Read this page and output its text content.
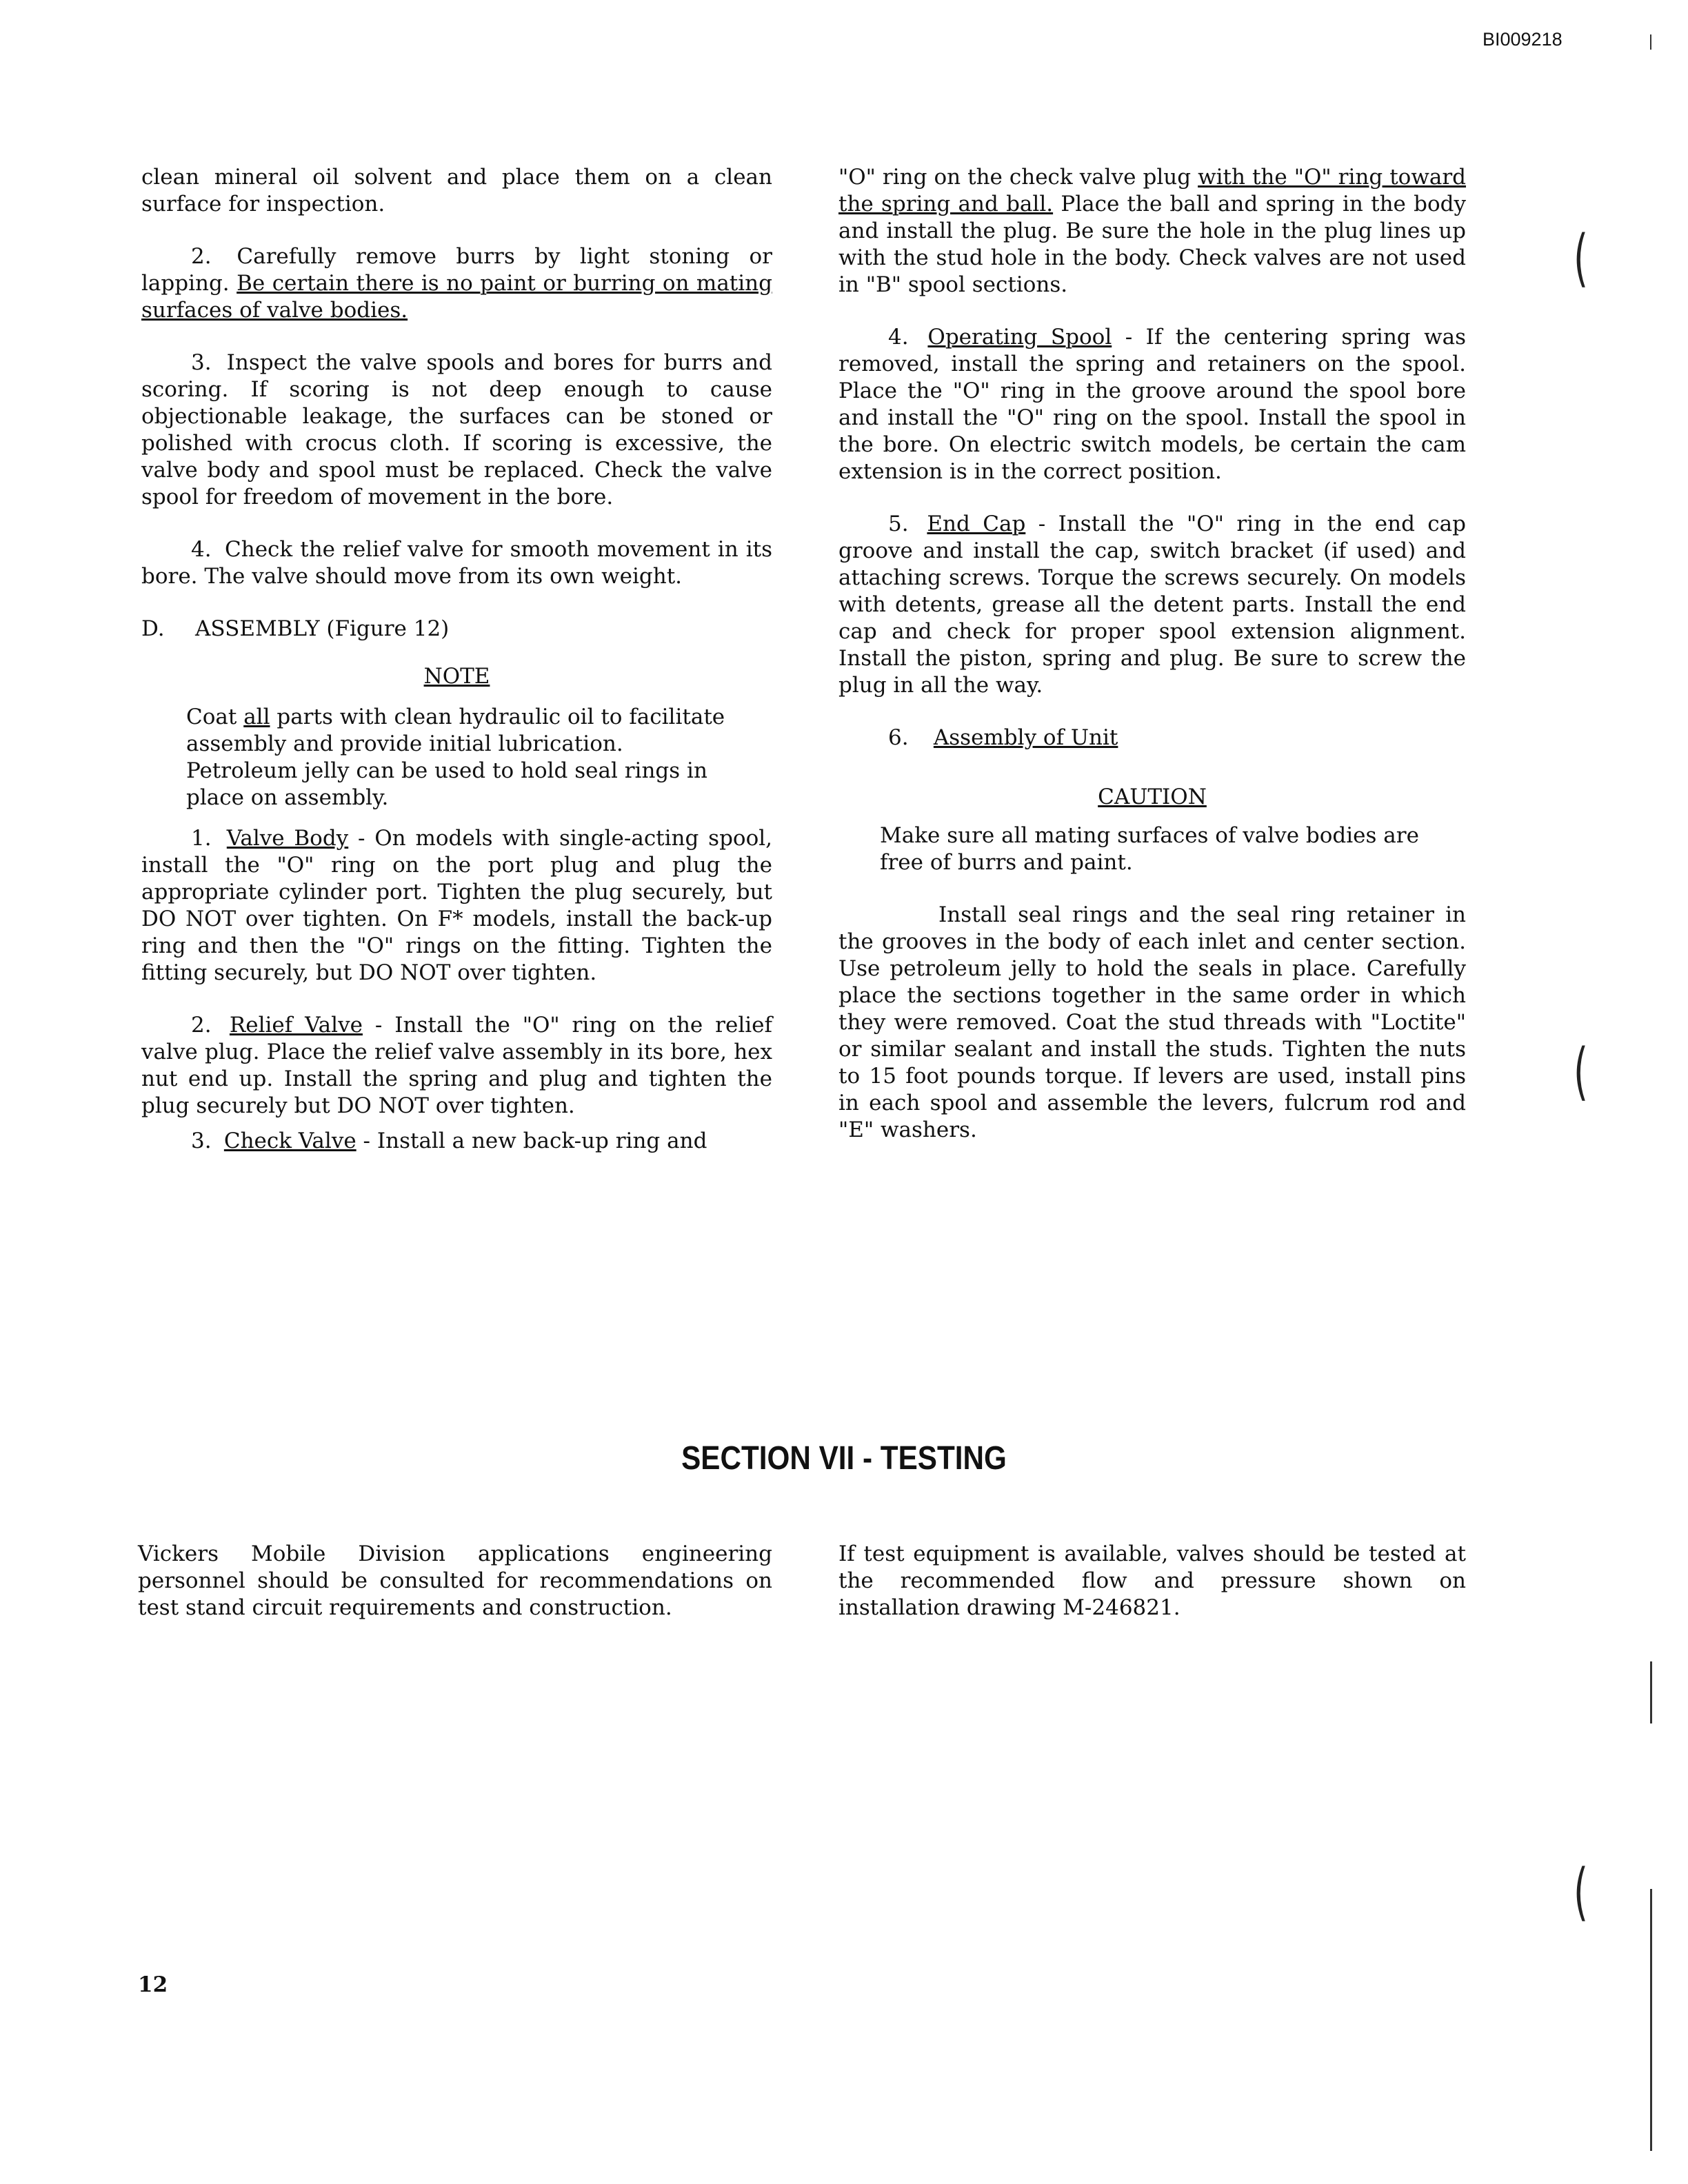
BI009218

clean mineral oil solvent and place them on a clean surface for inspection.

2. Carefully remove burrs by light stoning or lapping. Be certain there is no paint or burring on mating surfaces of valve bodies.

3. Inspect the valve spools and bores for burrs and scoring. If scoring is not deep enough to cause objectionable leakage, the surfaces can be stoned or polished with crocus cloth. If scoring is excessive, the valve body and spool must be replaced. Check the valve spool for freedom of movement in the bore.

4. Check the relief valve for smooth movement in its bore. The valve should move from its own weight.

D. ASSEMBLY (Figure 12)

NOTE

Coat all parts with clean hydraulic oil to facilitate assembly and provide initial lubrication. Petroleum jelly can be used to hold seal rings in place on assembly.

1. Valve Body - On models with single-acting spool, install the "O" ring on the port plug and plug the appropriate cylinder port. Tighten the plug securely, but DO NOT over tighten. On F* models, install the back-up ring and then the "O" rings on the fitting. Tighten the fitting securely, but DO NOT over tighten.

2. Relief Valve - Install the "O" ring on the relief valve plug. Place the relief valve assembly in its bore, hex nut end up. Install the spring and plug and tighten the plug securely but DO NOT over tighten.

3. Check Valve - Install a new back-up ring and

"O" ring on the check valve plug with the "O" ring toward the spring and ball. Place the ball and spring in the body and install the plug. Be sure the hole in the plug lines up with the stud hole in the body. Check valves are not used in "B" spool sections.

4. Operating Spool - If the centering spring was removed, install the spring and retainers on the spool. Place the "O" ring in the groove around the spool bore and install the "O" ring on the spool. Install the spool in the bore. On electric switch models, be certain the cam extension is in the correct position.

5. End Cap - Install the "O" ring in the end cap groove and install the cap, switch bracket (if used) and attaching screws. Torque the screws securely. On models with detents, grease all the detent parts. Install the end cap and check for proper spool extension alignment. Install the piston, spring and plug. Be sure to screw the plug in all the way.

6. Assembly of Unit

CAUTION

Make sure all mating surfaces of valve bodies are free of burrs and paint.

Install seal rings and the seal ring retainer in the grooves in the body of each inlet and center section. Use petroleum jelly to hold the seals in place. Carefully place the sections together in the same order in which they were removed. Coat the stud threads with "Loctite" or similar sealant and install the studs. Tighten the nuts to 15 foot pounds torque. If levers are used, install pins in each spool and assemble the levers, fulcrum rod and "E" washers.

SECTION VII - TESTING
Vickers Mobile Division applications engineering personnel should be consulted for recommendations on test stand circuit requirements and construction.
If test equipment is available, valves should be tested at the recommended flow and pressure shown on installation drawing M-246821.
12
(
(
(
